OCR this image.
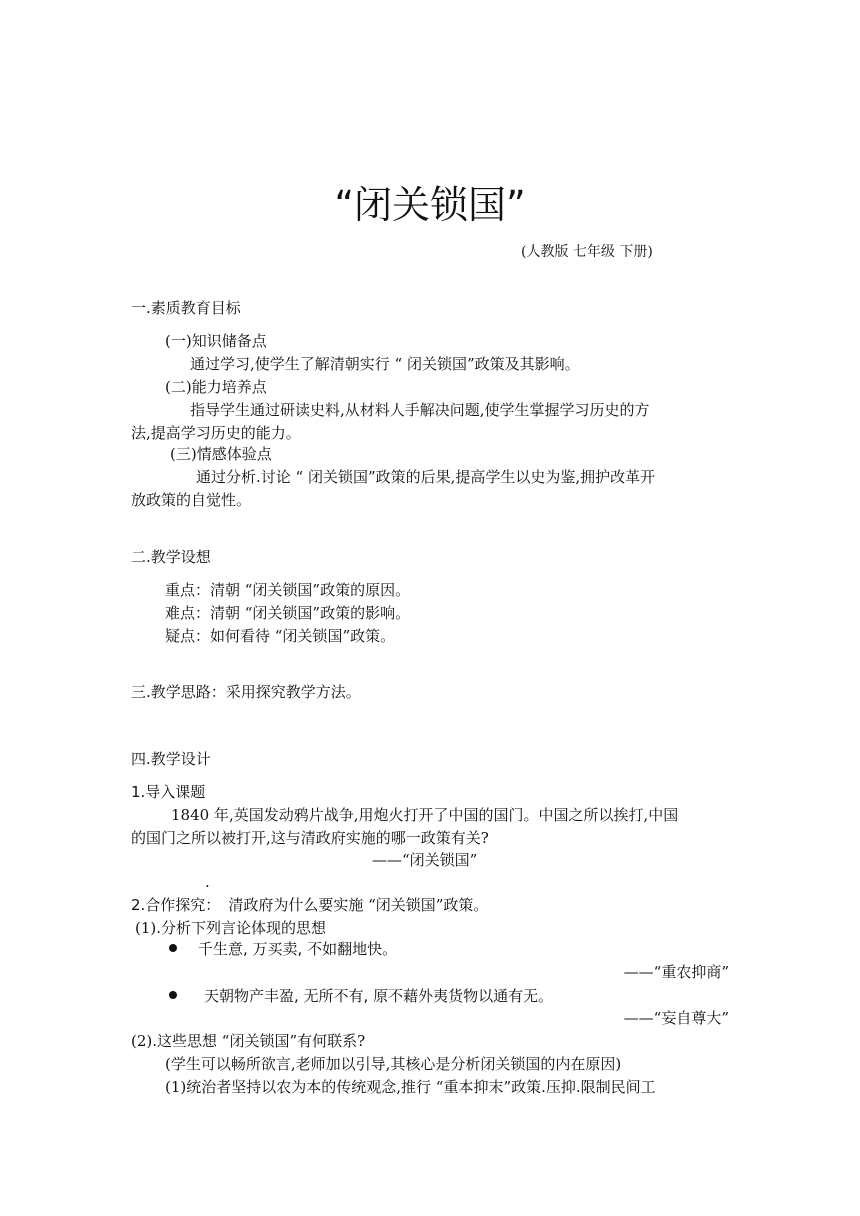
“闭关锁国”
(人教版 七年级 下册)
一.素质教育目标
(一)知识储备点
通过学习,使学生了解清朝实行 “ 闭关锁国”政策及其影响。
(二)能力培养点
指导学生通过研读史料,从材料人手解决问题,使学生掌握学习历史的方
法,提高学习历史的能力。
(三)情感体验点
通过分析.讨论 “ 闭关锁国”政策的后果,提高学生以史为鉴,拥护改革开
放政策的自觉性。
二.教学设想
重点：清朝 “闭关锁国”政策的原因。
难点：清朝 “闭关锁国”政策的影响。
疑点：如何看待 “闭关锁国”政策。
三.教学思路：采用探究教学方法。
四.教学设计
1.导入课题
1840 年,英国发动鸦片战争,用炮火打开了中国的国门。中国之所以挨打,中国
的国门之所以被打开,这与清政府实施的哪一政策有关?
——“闭关锁国”
.
2.合作探究： 清政府为什么要实施 “闭关锁国”政策。
(1).分析下列言论体现的思想
千生意, 万买卖, 不如翻地快。
——“重农抑商”
天朝物产丰盈, 无所不有, 原不藉外夷货物以通有无。
——“妄自尊大”
(2).这些思想 “闭关锁国”有何联系?
(学生可以畅所欲言,老师加以引导,其核心是分析闭关锁国的内在原因)
(1)统治者坚持以农为本的传统观念,推行 “重本抑末”政策.压抑.限制民间工
